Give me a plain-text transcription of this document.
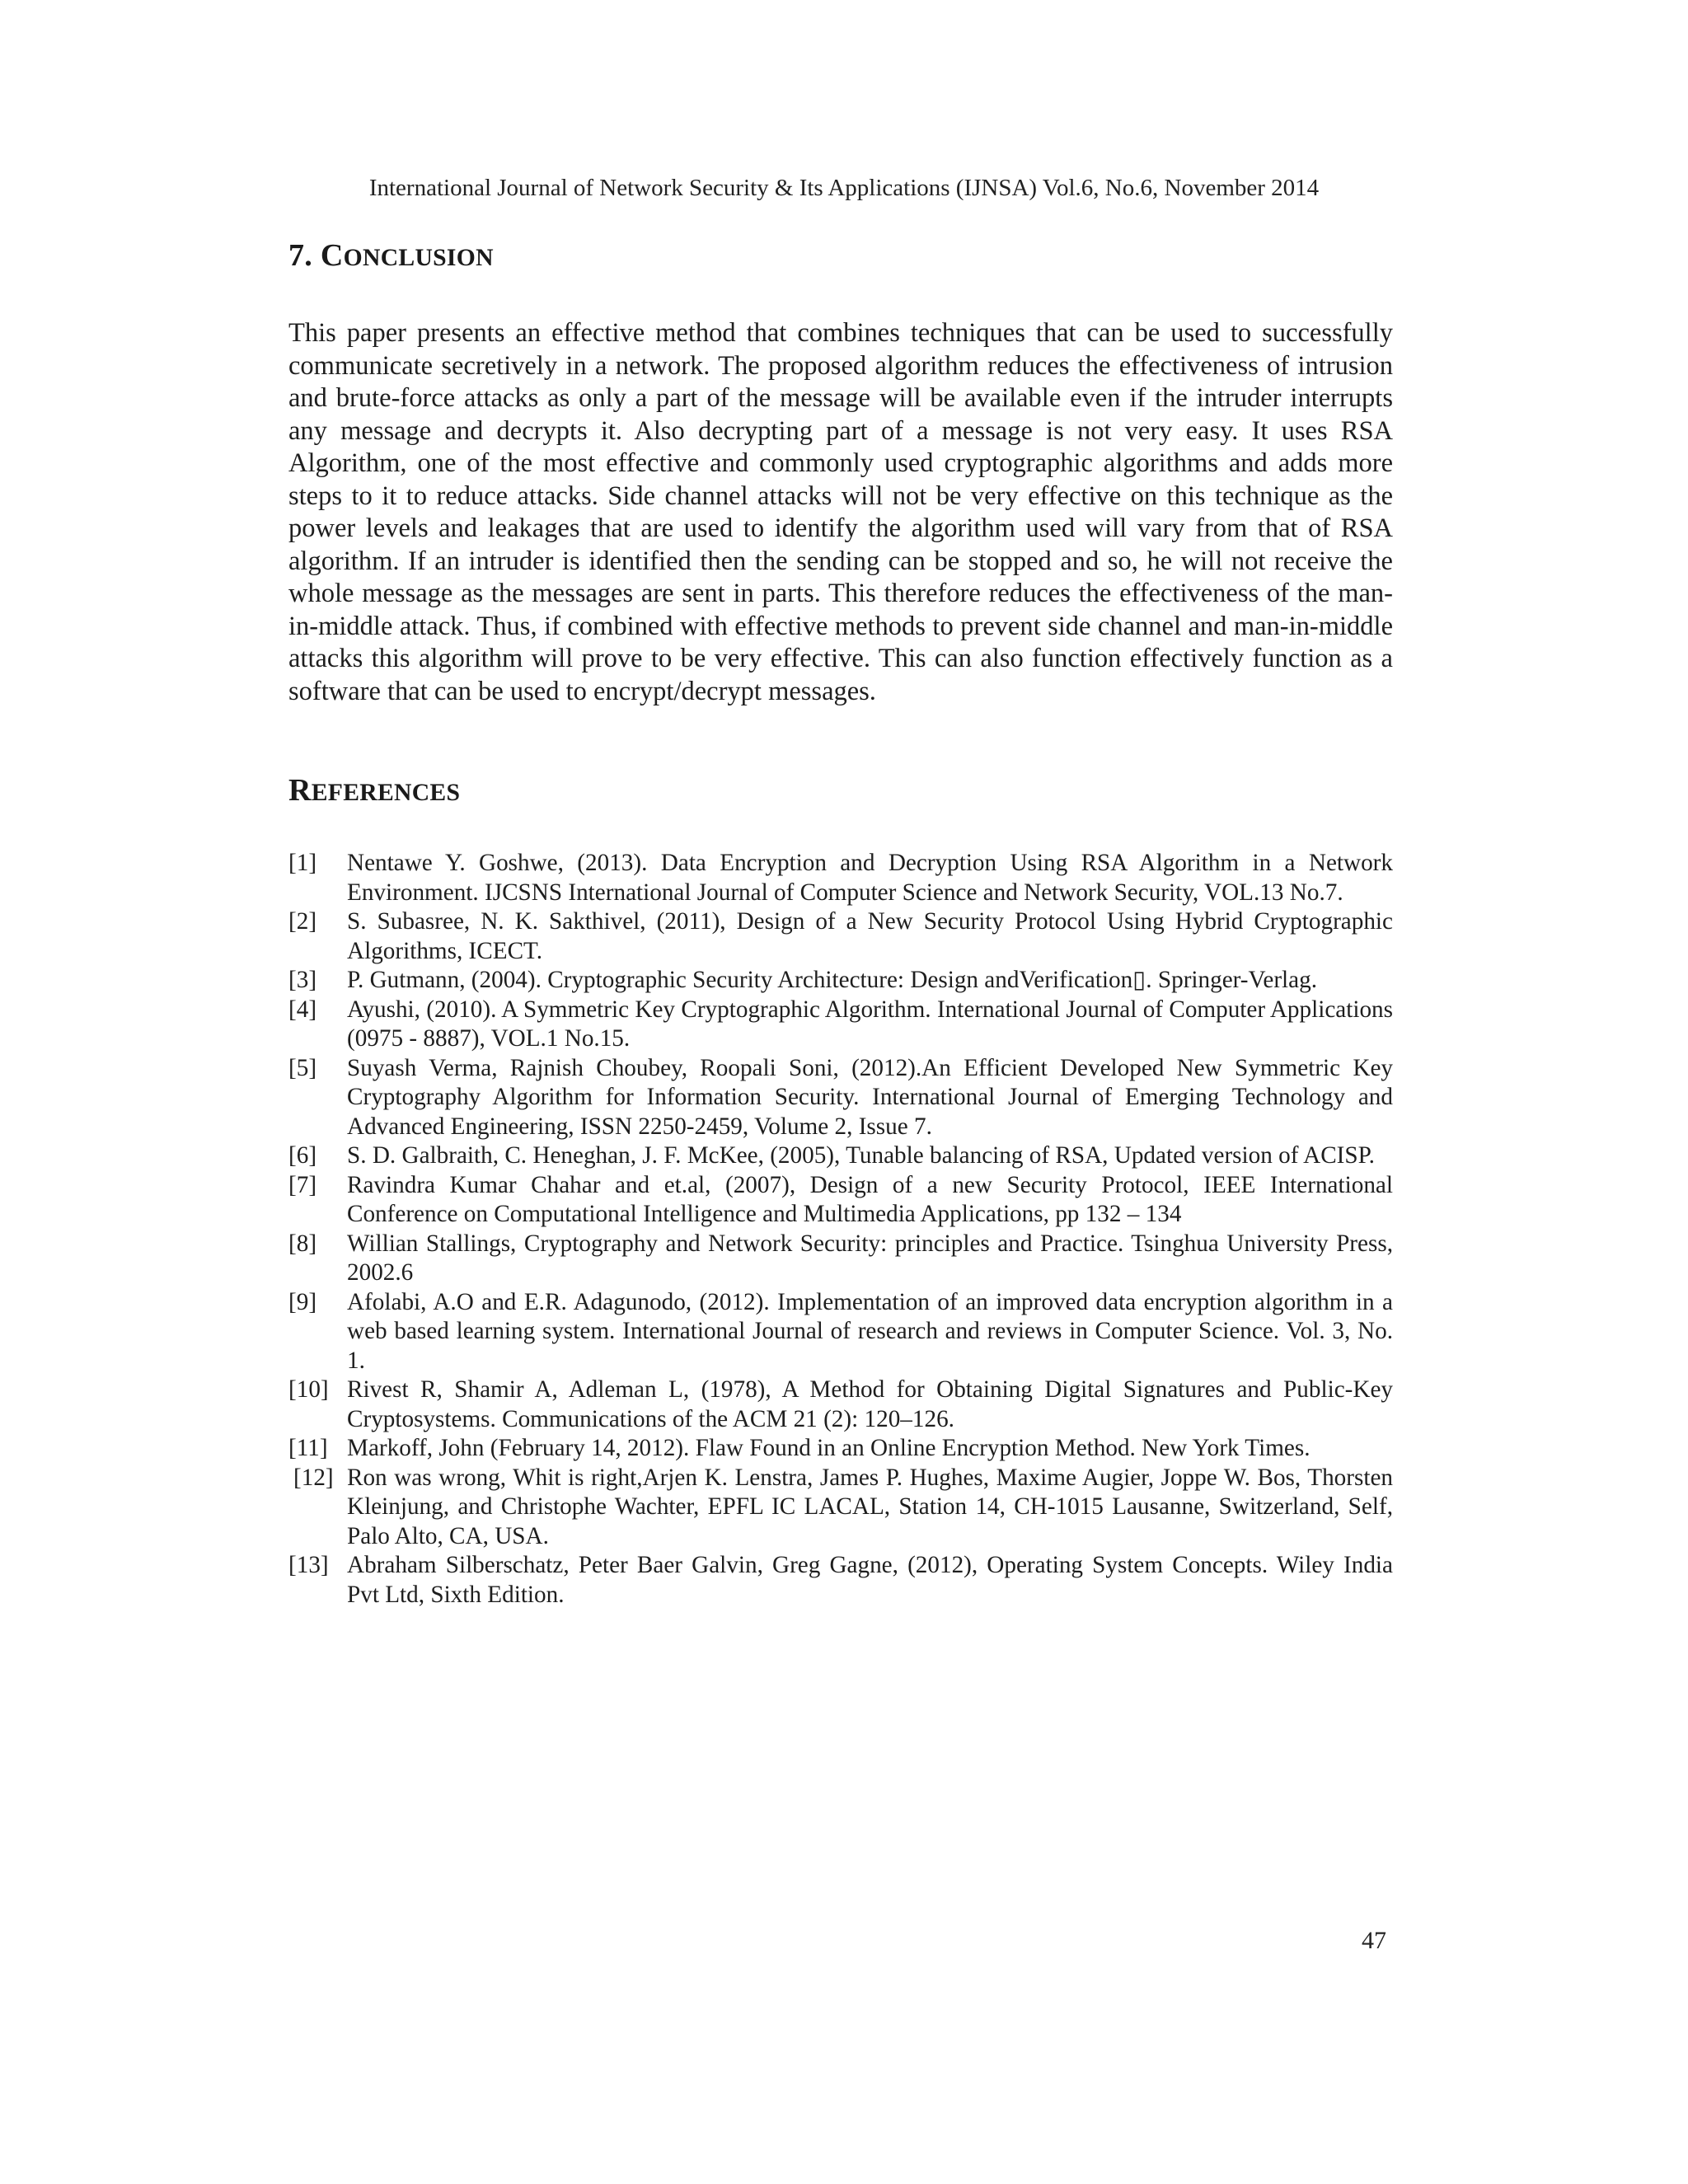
International Journal of Network Security & Its Applications (IJNSA) Vol.6, No.6, November 2014
7. CONCLUSION
This paper presents an effective method that combines techniques that can be used to successfully communicate secretively in a network. The proposed algorithm reduces the effectiveness of intrusion and brute-force attacks as only a part of the message will be available even if the intruder interrupts any message and decrypts it. Also decrypting part of a message is not very easy. It uses RSA Algorithm, one of the most effective and commonly used cryptographic algorithms and adds more steps to it to reduce attacks. Side channel attacks will not be very effective on this technique as the power levels and leakages that are used to identify the algorithm used will vary from that of RSA algorithm. If an intruder is identified then the sending can be stopped and so, he will not receive the whole message as the messages are sent in parts. This therefore reduces the effectiveness of the man-in-middle attack. Thus, if combined with effective methods to prevent side channel and man-in-middle attacks this algorithm will prove to be very effective. This can also function effectively function as a software that can be used to encrypt/decrypt messages.
REFERENCES
[1] Nentawe Y. Goshwe, (2013). Data Encryption and Decryption Using RSA Algorithm in a Network Environment. IJCSNS International Journal of Computer Science and Network Security, VOL.13 No.7.
[2] S. Subasree, N. K. Sakthivel, (2011), Design of a New Security Protocol Using Hybrid Cryptographic Algorithms, ICECT.
[3] P. Gutmann, (2004). Cryptographic Security Architecture: Design andVerification▯. Springer-Verlag.
[4] Ayushi, (2010). A Symmetric Key Cryptographic Algorithm. International Journal of Computer Applications (0975 - 8887), VOL.1 No.15.
[5] Suyash Verma, Rajnish Choubey, Roopali Soni, (2012).An Efficient Developed New Symmetric Key Cryptography Algorithm for Information Security. International Journal of Emerging Technology and Advanced Engineering, ISSN 2250-2459, Volume 2, Issue 7.
[6] S. D. Galbraith, C. Heneghan, J. F. McKee, (2005), Tunable balancing of RSA, Updated version of ACISP.
[7] Ravindra Kumar Chahar and et.al, (2007), Design of a new Security Protocol, IEEE International Conference on Computational Intelligence and Multimedia Applications, pp 132 – 134
[8] Willian Stallings, Cryptography and Network Security: principles and Practice. Tsinghua University Press, 2002.6
[9] Afolabi, A.O and E.R. Adagunodo, (2012). Implementation of an improved data encryption algorithm in a web based learning system. International Journal of research and reviews in Computer Science. Vol. 3, No. 1.
[10] Rivest R, Shamir A, Adleman L, (1978), A Method for Obtaining Digital Signatures and Public-Key Cryptosystems. Communications of the ACM 21 (2): 120–126.
[11] Markoff, John (February 14, 2012). Flaw Found in an Online Encryption Method. New York Times.
[12] Ron was wrong, Whit is right,Arjen K. Lenstra, James P. Hughes, Maxime Augier, Joppe W. Bos, Thorsten Kleinjung, and Christophe Wachter, EPFL IC LACAL, Station 14, CH-1015 Lausanne, Switzerland, Self, Palo Alto, CA, USA.
[13] Abraham Silberschatz, Peter Baer Galvin, Greg Gagne, (2012), Operating System Concepts. Wiley India Pvt Ltd, Sixth Edition.
47
